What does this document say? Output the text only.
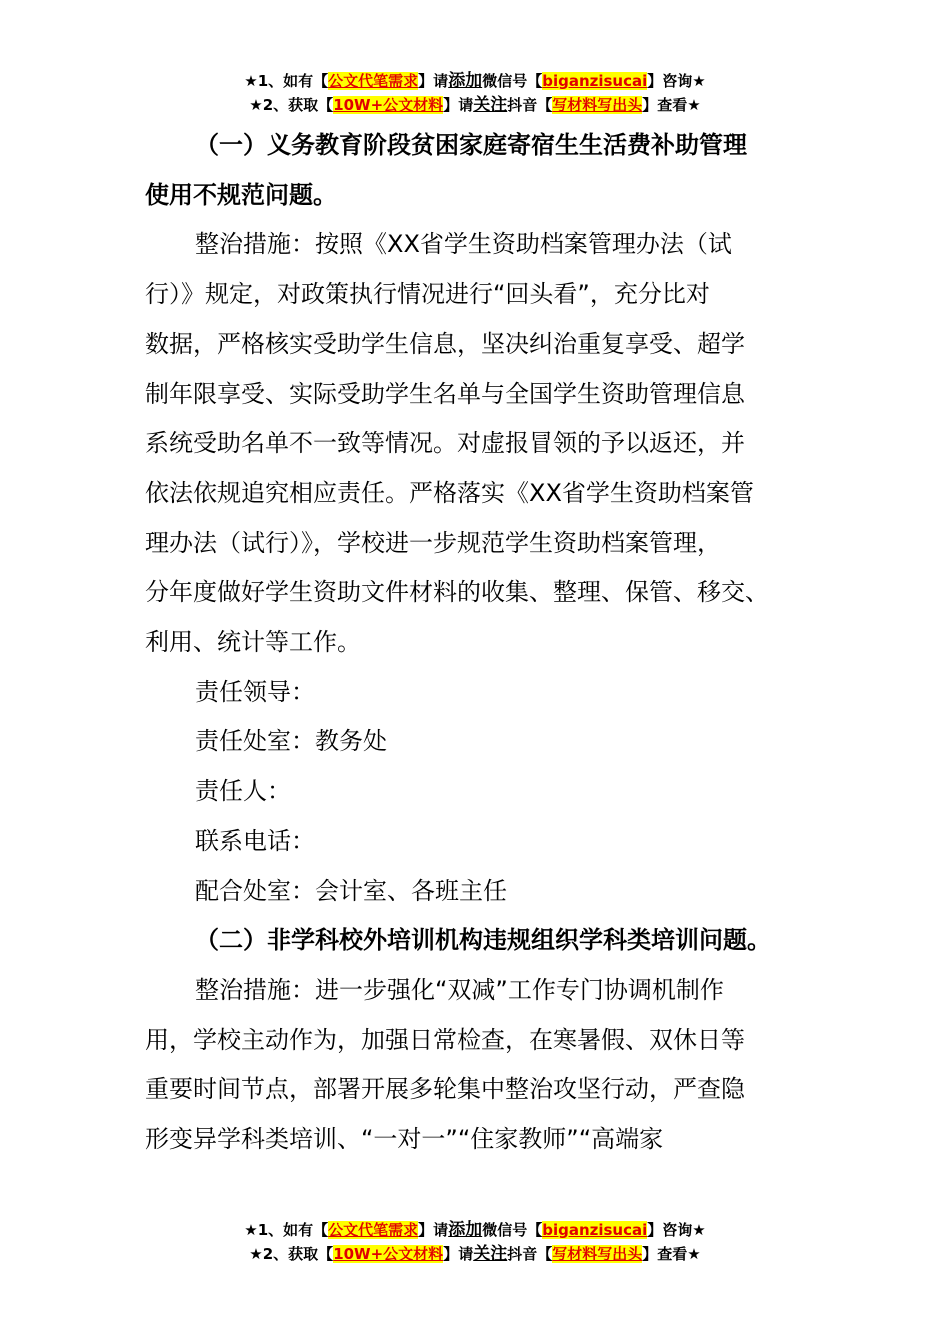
★1、如有【公文代笔需求】请添加微信号【biganzisucai】咨询★
★2、获取【10W+公文材料】请关注抖音【写材料写出头】查看★
（一）义务教育阶段贫困家庭寄宿生生活费补助管理
使用不规范问题。
整治措施：按照《XX省学生资助档案管理办法（试
行）》规定，对政策执行情况进行“回头看”，充分比对
数据，严格核实受助学生信息，坚决纠治重复享受、超学
制年限享受、实际受助学生名单与全国学生资助管理信息
系统受助名单不一致等情况。对虚报冒领的予以返还，并
依法依规追究相应责任。严格落实《XX省学生资助档案管
理办法（试行）》，学校进一步规范学生资助档案管理，
分年度做好学生资助文件材料的收集、整理、保管、移交、
利用、统计等工作。
责任领导：
责任处室：教务处
责任人：
联系电话：
配合处室：会计室、各班主任
（二）非学科校外培训机构违规组织学科类培训问题。
整治措施：进一步强化“双减”工作专门协调机制作
用，学校主动作为，加强日常检查，在寒暑假、双休日等
重要时间节点，部署开展多轮集中整治攻坚行动，严查隐
形变异学科类培训、“一对一”“住家教师”“高端家
★1、如有【公文代笔需求】请添加微信号【biganzisucai】咨询★
★2、获取【10W+公文材料】请关注抖音【写材料写出头】查看★
